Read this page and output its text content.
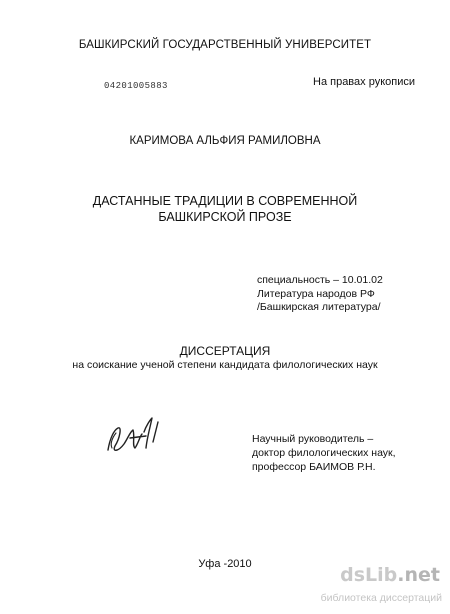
БАШКИРСКИЙ ГОСУДАРСТВЕННЫЙ УНИВЕРСИТЕТ
04201005883	На правах рукописи
КАРИМОВА АЛЬФИЯ РАМИЛОВНА
ДАСТАННЫЕ ТРАДИЦИИ В СОВРЕМЕННОЙ БАШКИРСКОЙ ПРОЗЕ
специальность – 10.01.02
Литература народов РФ
/Башкирская литература/
ДИССЕРТАЦИЯ
на соискание ученой степени кандидата филологических наук
Научный руководитель –
доктор филологических наук,
профессор БАИМОВ Р.Н.
Уфа -2010	dsLib.net
библиотека диссертаций
